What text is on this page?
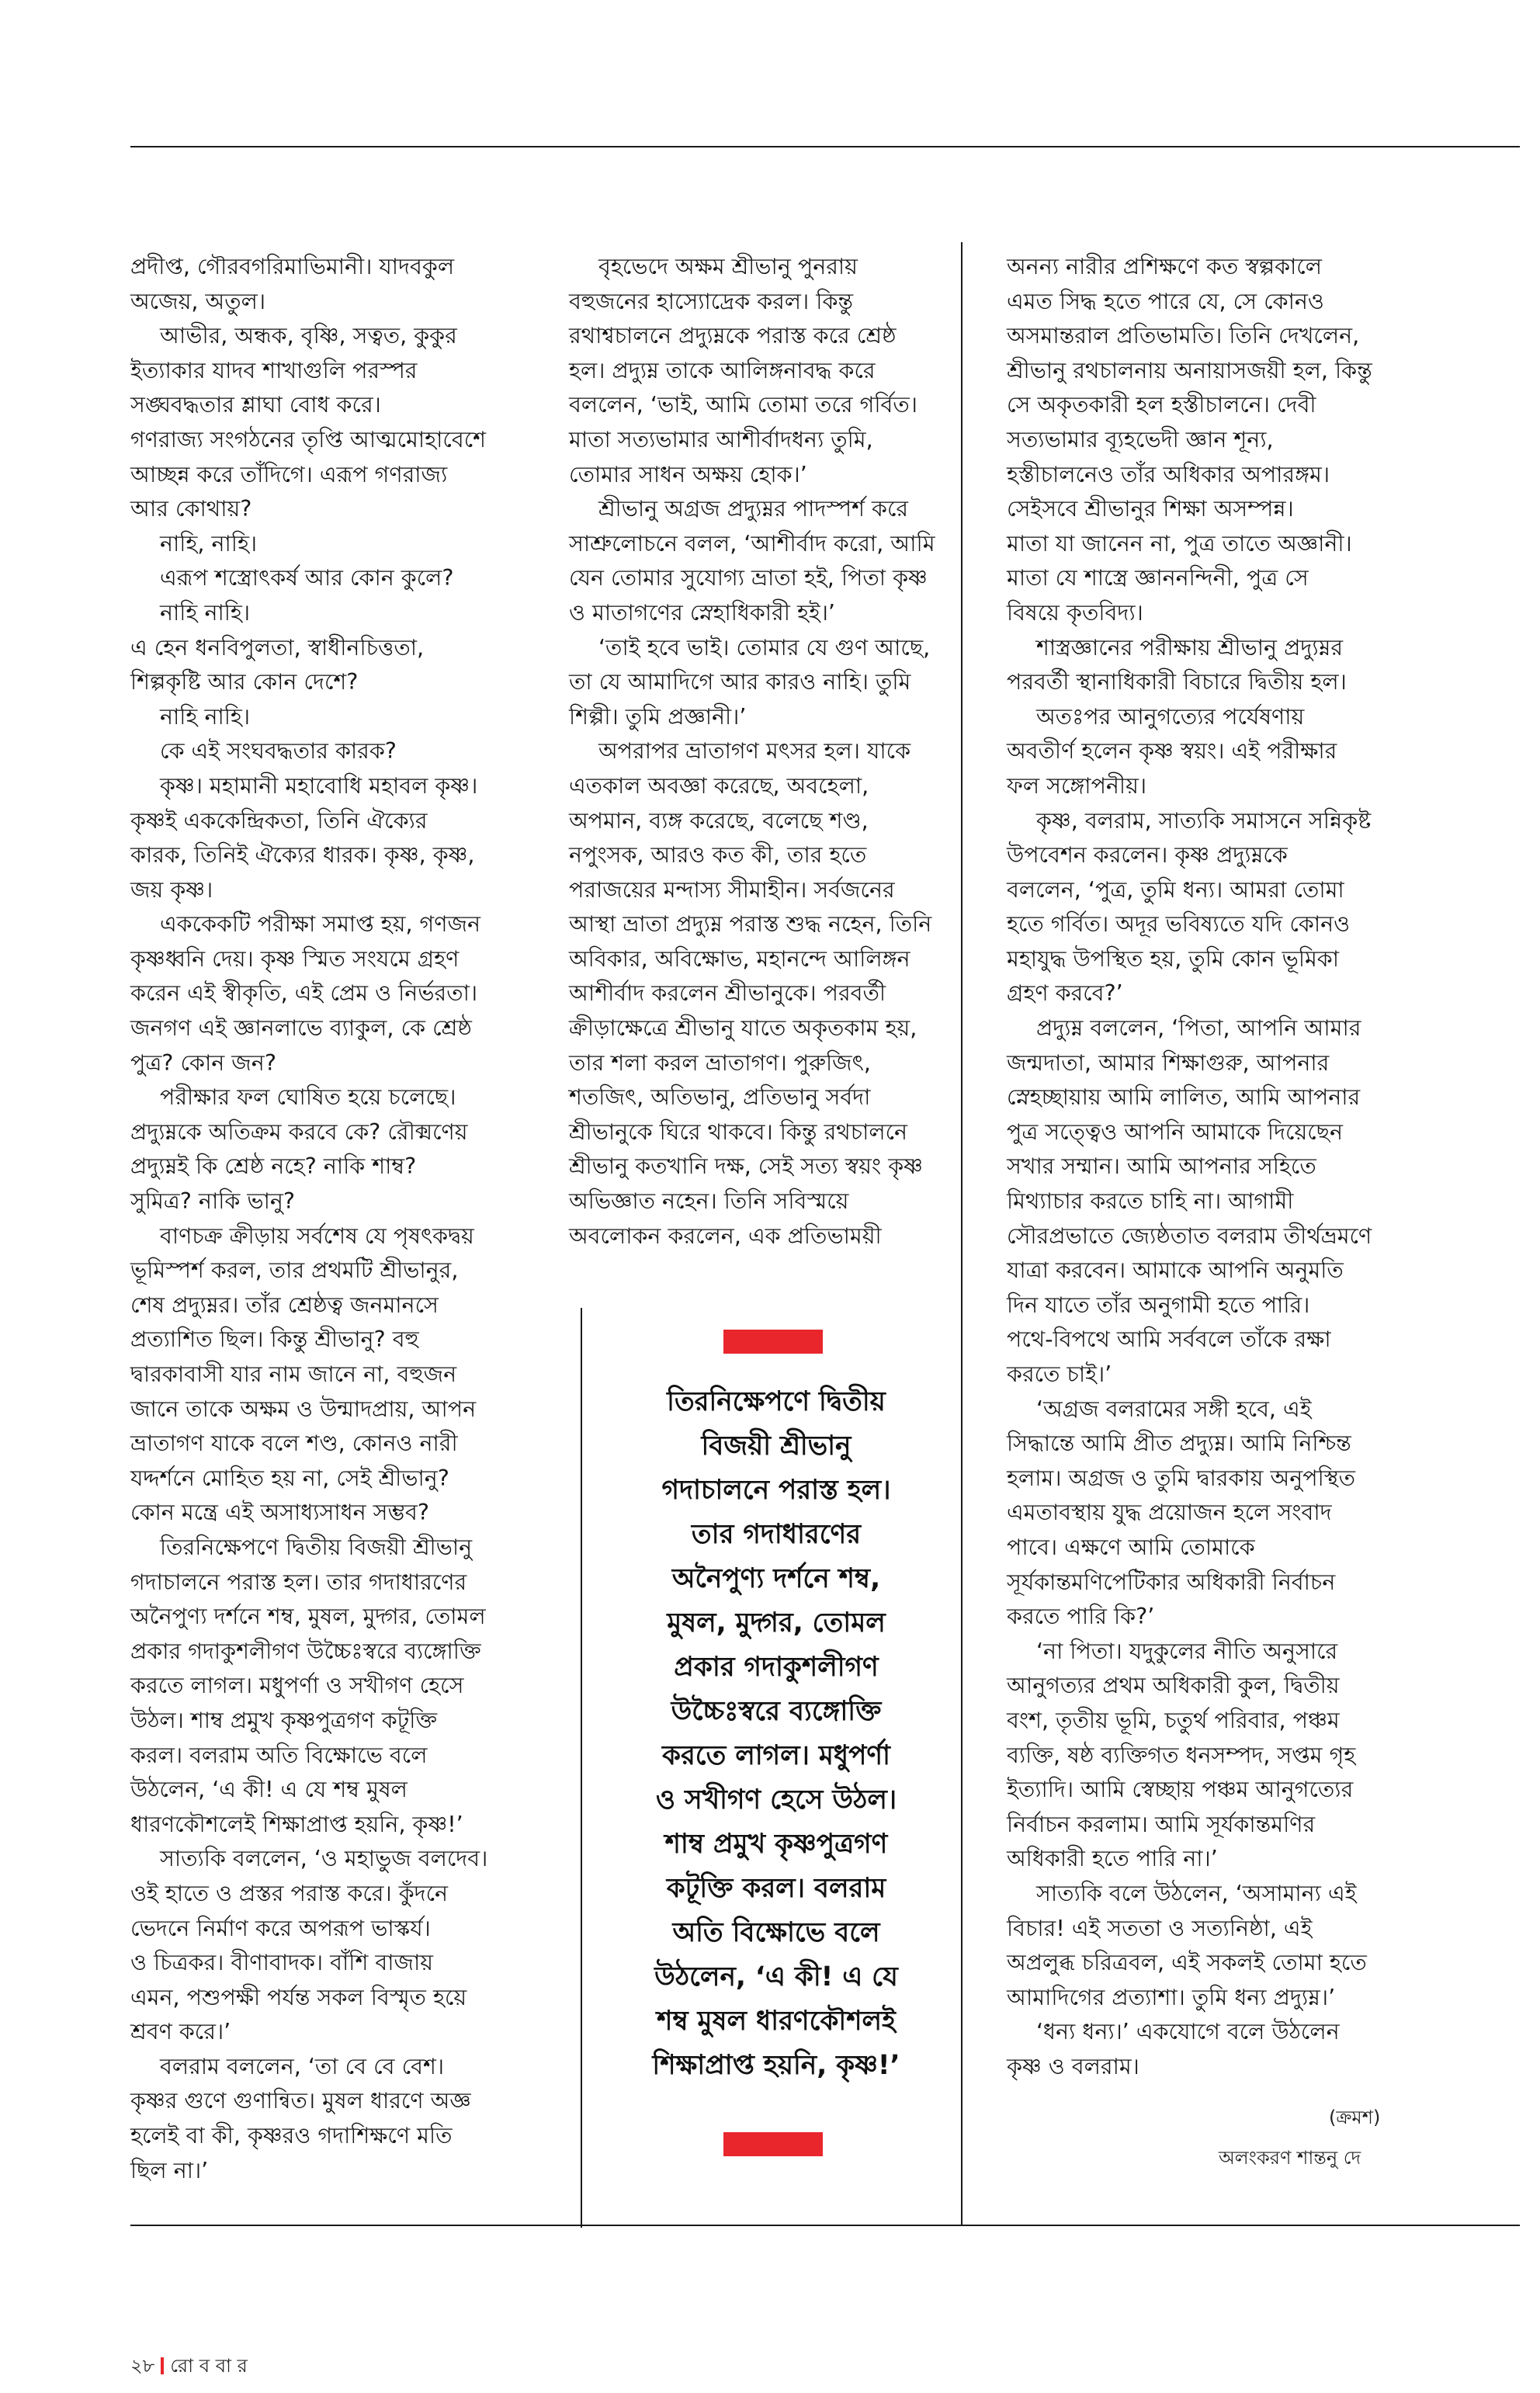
প্রদীপ্ত, গৌরবগরিমাভিমানী। যাদবকুল

অজেয়, অতুল।

আভীর, অন্ধক, বৃষ্ণি, সত্বত, কুকুর

ইত্যাকার যাদব শাখাগুলি পরস্পর

সঙ্ঘবদ্ধতার শ্লাঘা বোধ করে।

গণরাজ্য সংগঠনের তৃপ্তি আত্মমোহাবেশে

আচ্ছন্ন করে তাঁদিগে। এরূপ গণরাজ্য

আর কোথায়?

নাহি, নাহি।

এরূপ শস্ত্রোৎকর্ষ আর কোন কুলে?

নাহি নাহি।

এ হেন ধনবিপুলতা, স্বাধীনচিত্ততা,

শিল্পকৃষ্টি আর কোন দেশে?

নাহি নাহি।

কে এই সংঘবদ্ধতার কারক?

কৃষ্ণ। মহামানী মহাবোধি মহাবল কৃষ্ণ।

কৃষ্ণই এককেন্দ্রিকতা, তিনি ঐক্যের

কারক, তিনিই ঐক্যের ধারক। কৃষ্ণ, কৃষ্ণ,

জয় কৃষ্ণ।

এককেকটি পরীক্ষা সমাপ্ত হয়, গণজন

কৃষ্ণধ্বনি দেয়। কৃষ্ণ স্মিত সংযমে গ্রহণ

করেন এই স্বীকৃতি, এই প্রেম ও নির্ভরতা।

জনগণ এই জ্ঞানলাভে ব্যাকুল, কে শ্রেষ্ঠ

পুত্র? কোন জন?

পরীক্ষার ফল ঘোষিত হয়ে চলেছে।

প্রদ্যুম্নকে অতিক্রম করবে কে? রৌক্মণেয়

প্রদ্যুম্নই কি শ্রেষ্ঠ নহে? নাকি শাম্ব?

সুমিত্র? নাকি ভানু?

বাণচক্র ক্রীড়ায় সর্বশেষ যে পৃষৎকদ্বয়

ভূমিস্পর্শ করল, তার প্রথমটি শ্রীভানুর,

শেষ প্রদ্যুম্নর। তাঁর শ্রেষ্ঠত্ব জনমানসে

প্রত্যাশিত ছিল। কিন্তু শ্রীভানু? বহু

দ্বারকাবাসী যার নাম জানে না, বহুজন

জানে তাকে অক্ষম ও উন্মাদপ্রায়, আপন

ভ্রাতাগণ যাকে বলে শণ্ড, কোনও নারী

যদ্দর্শনে মোহিত হয় না, সেই শ্রীভানু?

কোন মন্ত্রে এই অসাধ্যসাধন সম্ভব?

তিরনিক্ষেপণে দ্বিতীয় বিজয়ী শ্রীভানু

গদাচালনে পরাস্ত হল। তার গদাধারণের

অনৈপুণ্য দর্শনে শম্ব, মুষল, মুদ্গর, তোমল

প্রকার গদাকুশলীগণ উচ্চৈঃস্বরে ব্যঙ্গোক্তি

করতে লাগল। মধুপর্ণা ও সখীগণ হেসে

উঠল। শাম্ব প্রমুখ কৃষ্ণপুত্রগণ কটূক্তি

করল। বলরাম অতি বিক্ষোভে বলে

উঠলেন, ‘এ কী! এ যে শম্ব মুষল

ধারণকৌশলেই শিক্ষাপ্রাপ্ত হয়নি, কৃষ্ণ!’

সাত্যকি বললেন, ‘ও মহাভুজ বলদেব।

ওই হাতে ও প্রস্তর পরাস্ত করে। কুঁদনে

ভেদনে নির্মাণ করে অপরূপ ভাস্কর্য।

ও চিত্রকর। বীণাবাদক। বাঁশি বাজায়

এমন, পশুপক্ষী পর্যন্ত সকল বিস্মৃত হয়ে

শ্রবণ করে।’

বলরাম বললেন, ‘তা বে বে বেশ।

কৃষ্ণর গুণে গুণান্বিত। মুষল ধারণে অজ্ঞ

হলেই বা কী, কৃষ্ণরও গদাশিক্ষণে মতি

ছিল না।’

বৃহভেদে অক্ষম শ্রীভানু পুনরায়

বহুজনের হাস্যোদ্রেক করল। কিন্তু

রথাশ্বচালনে প্রদ্যুম্নকে পরাস্ত করে শ্রেষ্ঠ

হল। প্রদ্যুম্ন তাকে আলিঙ্গনাবদ্ধ করে

বললেন, ‘ভাই, আমি তোমা তরে গর্বিত।

মাতা সত্যভামার আশীর্বাদধন্য তুমি,

তোমার সাধন অক্ষয় হোক।’

শ্রীভানু অগ্রজ প্রদ্যুম্নর পাদস্পর্শ করে

সাশ্রুলোচনে বলল, ‘আশীর্বাদ করো, আমি

যেন তোমার সুযোগ্য ভ্রাতা হই, পিতা কৃষ্ণ

ও মাতাগণের স্নেহাধিকারী হই।’

‘তাই হবে ভাই। তোমার যে গুণ আছে,

তা যে আমাদিগে আর কারও নাহি। তুমি

শিল্পী। তুমি প্রজ্ঞানী।’

অপরাপর ভ্রাতাগণ মৎসর হল। যাকে

এতকাল অবজ্ঞা করেছে, অবহেলা,

অপমান, ব্যঙ্গ করেছে, বলেছে শণ্ড,

নপুংসক, আরও কত কী, তার হতে

পরাজয়ের মন্দাস্য সীমাহীন। সর্বজনের

আস্থা ভ্রাতা প্রদ্যুম্ন পরাস্ত শুদ্ধ নহেন, তিনি

অবিকার, অবিক্ষোভ, মহানন্দে আলিঙ্গন

আশীর্বাদ করলেন শ্রীভানুকে। পরবর্তী

ক্রীড়াক্ষেত্রে শ্রীভানু যাতে অকৃতকাম হয়,

তার শলা করল ভ্রাতাগণ। পুরুজিৎ,

শতজিৎ, অতিভানু, প্রতিভানু সর্বদা

শ্রীভানুকে ঘিরে থাকবে। কিন্তু রথচালনে

শ্রীভানু কতখানি দক্ষ, সেই সত্য স্বয়ং কৃষ্ণ

অভিজ্ঞাত নহেন। তিনি সবিস্ময়ে

অবলোকন করলেন, এক প্রতিভাময়ী

তিরনিক্ষেপণে দ্বিতীয়

বিজয়ী শ্রীভানু

গদাচালনে পরাস্ত হল।

তার গদাধারণের

অনৈপুণ্য দর্শনে শম্ব,

মুষল, মুদ্গর, তোমল

প্রকার গদাকুশলীগণ

উচ্চৈঃস্বরে ব্যঙ্গোক্তি

করতে লাগল। মধুপর্ণা

ও সখীগণ হেসে উঠল।

শাম্ব প্রমুখ কৃষ্ণপুত্রগণ

কটূক্তি করল। বলরাম

অতি বিক্ষোভে বলে

উঠলেন, ‘এ কী! এ যে

শম্ব মুষল ধারণকৌশলই

শিক্ষাপ্রাপ্ত হয়নি, কৃষ্ণ!’

অনন্য নারীর প্রশিক্ষণে কত স্বল্পকালে

এমত সিদ্ধ হতে পারে যে, সে কোনও

অসমান্তরাল প্রতিভামতি। তিনি দেখলেন,

শ্রীভানু রথচালনায় অনায়াসজয়ী হল, কিন্তু

সে অকৃতকারী হল হস্তীচালনে। দেবী

সত্যভামার ব্যূহভেদী জ্ঞান শূন্য,

হস্তীচালনেও তাঁর অধিকার অপারঙ্গম।

সেইসবে শ্রীভানুর শিক্ষা অসম্পন্ন।

মাতা যা জানেন না, পুত্র তাতে অজ্ঞানী।

মাতা যে শাস্ত্রে জ্ঞাননন্দিনী, পুত্র সে

বিষয়ে কৃতবিদ্য।

শাস্ত্রজ্ঞানের পরীক্ষায় শ্রীভানু প্রদ্যুম্নর

পরবর্তী স্থানাধিকারী বিচারে দ্বিতীয় হল।

অতঃপর আনুগত্যের পর্যেষণায়

অবতীর্ণ হলেন কৃষ্ণ স্বয়ং। এই পরীক্ষার

ফল সঙ্গোপনীয়।

কৃষ্ণ, বলরাম, সাত্যকি সমাসনে সন্নিকৃষ্ট

উপবেশন করলেন। কৃষ্ণ প্রদ্যুম্নকে

বললেন, ‘পুত্র, তুমি ধন্য। আমরা তোমা

হতে গর্বিত। অদূর ভবিষ্যতে যদি কোনও

মহাযুদ্ধ উপস্থিত হয়, তুমি কোন ভূমিকা

গ্রহণ করবে?’

প্রদ্যুম্ন বললেন, ‘পিতা, আপনি আমার

জন্মদাতা, আমার শিক্ষাগুরু, আপনার

স্নেহচ্ছায়ায় আমি লালিত, আমি আপনার

পুত্র সত্ত্বেও আপনি আমাকে দিয়েছেন

সখার সম্মান। আমি আপনার সহিতে

মিথ্যাচার করতে চাহি না। আগামী

সৌরপ্রভাতে জ্যেষ্ঠতাত বলরাম তীর্থভ্রমণে

যাত্রা করবেন। আমাকে আপনি অনুমতি

দিন যাতে তাঁর অনুগামী হতে পারি।

পথে-বিপথে আমি সর্ববলে তাঁকে রক্ষা

করতে চাই।’

‘অগ্রজ বলরামের সঙ্গী হবে, এই

সিদ্ধান্তে আমি প্রীত প্রদ্যুম্ন। আমি নিশ্চিন্ত

হলাম। অগ্রজ ও তুমি দ্বারকায় অনুপস্থিত

এমতাবস্থায় যুদ্ধ প্রয়োজন হলে সংবাদ

পাবে। এক্ষণে আমি তোমাকে

সূর্যকান্তমণিপেটিকার অধিকারী নির্বাচন

করতে পারি কি?’

‘না পিতা। যদুকুলের নীতি অনুসারে

আনুগত্যর প্রথম অধিকারী কুল, দ্বিতীয়

বংশ, তৃতীয় ভূমি, চতুর্থ পরিবার, পঞ্চম

ব্যক্তি, ষষ্ঠ ব্যক্তিগত ধনসম্পদ, সপ্তম গৃহ

ইত্যাদি। আমি স্বেচ্ছায় পঞ্চম আনুগত্যের

নির্বাচন করলাম। আমি সূর্যকান্তমণির

অধিকারী হতে পারি না।’

সাত্যকি বলে উঠলেন, ‘অসামান্য এই

বিচার! এই সততা ও সত্যনিষ্ঠা, এই

অপ্রলুব্ধ চরিত্রবল, এই সকলই তোমা হতে

আমাদিগের প্রত্যাশা। তুমি ধন্য প্রদ্যুম্ন।’

‘ধন্য ধন্য।’ একযোগে বলে উঠলেন

কৃষ্ণ ও বলরাম।

(ক্রমশ)
অলংকরণ শান্তনু দে
২৮ রো ব বা র
